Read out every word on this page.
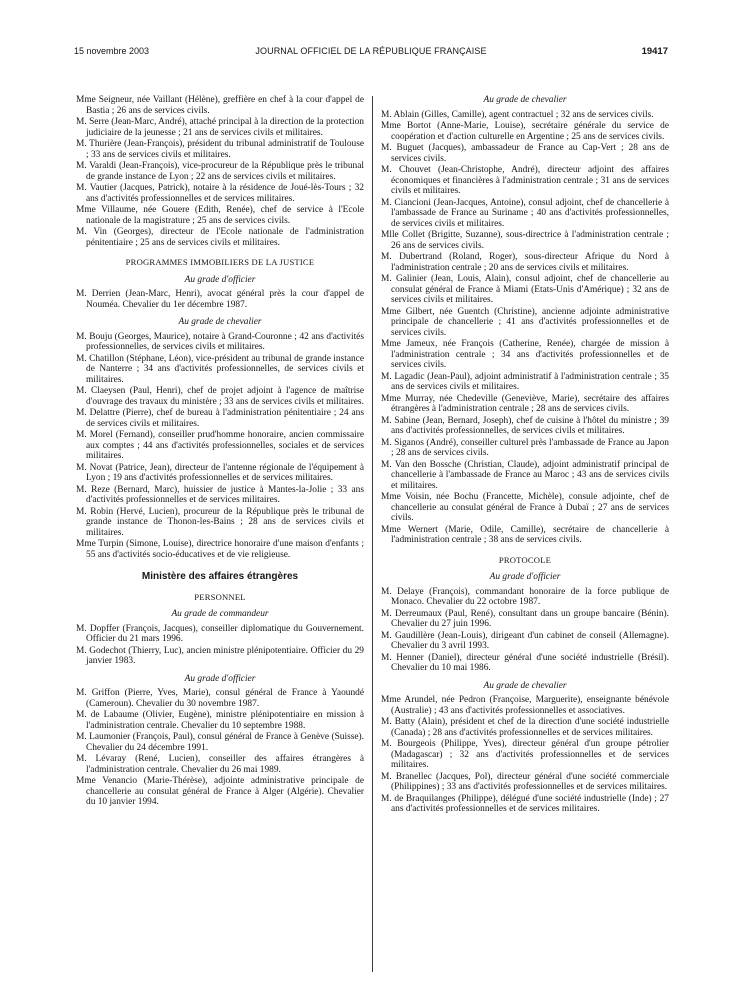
15 novembre 2003	JOURNAL OFFICIEL DE LA RÉPUBLIQUE FRANÇAISE	19417

Mme Seigneur, née Vaillant (Hélène), greffière en chef à la cour d'appel de Bastia ; 26 ans de services civils.

M. Serre (Jean-Marc, André), attaché principal à la direction de la protection judiciaire de la jeunesse ; 21 ans de services civils et militaires.

M. Thurière (Jean-François), président du tribunal administratif de Toulouse ; 33 ans de services civils et militaires.

M. Varaldi (Jean-François), vice-procureur de la République près le tribunal de grande instance de Lyon ; 22 ans de services civils et militaires.

M. Vautier (Jacques, Patrick), notaire à la résidence de Joué-lès-Tours ; 32 ans d'activités professionnelles et de services militaires.

Mme Villaume, née Gouere (Edith, Renée), chef de service à l'Ecole nationale de la magistrature ; 25 ans de services civils.

M. Vin (Georges), directeur de l'Ecole nationale de l'administration pénitentiaire ; 25 ans de services civils et militaires.

PROGRAMMES IMMOBILIERS DE LA JUSTICE

Au grade d'officier

M. Derrien (Jean-Marc, Henri), avocat général près la cour d'appel de Nouméa. Chevalier du 1er décembre 1987.

Au grade de chevalier

M. Bouju (Georges, Maurice), notaire à Grand-Couronne ; 42 ans d'activités professionnelles, de services civils et militaires.

M. Chatillon (Stéphane, Léon), vice-président au tribunal de grande instance de Nanterre ; 34 ans d'activités professionnelles, de services civils et militaires.

M. Claeysen (Paul, Henri), chef de projet adjoint à l'agence de maîtrise d'ouvrage des travaux du ministère ; 33 ans de services civils et militaires.

M. Delattre (Pierre), chef de bureau à l'administration pénitentiaire ; 24 ans de services civils et militaires.

M. Morel (Fernand), conseiller prud'homme honoraire, ancien commissaire aux comptes ; 44 ans d'activités professionnelles, sociales et de services militaires.

M. Novat (Patrice, Jean), directeur de l'antenne régionale de l'équipement à Lyon ; 19 ans d'activités professionnelles et de services militaires.

M. Reze (Bernard, Marc), huissier de justice à Mantes-la-Jolie ; 33 ans d'activités professionnelles et de services militaires.

M. Robin (Hervé, Lucien), procureur de la République près le tribunal de grande instance de Thonon-les-Bains ; 28 ans de services civils et militaires.

Mme Turpin (Simone, Louise), directrice honoraire d'une maison d'enfants ; 55 ans d'activités socio-éducatives et de vie religieuse.

Ministère des affaires étrangères

PERSONNEL

Au grade de commandeur

M. Dopffer (François, Jacques), conseiller diplomatique du Gouvernement. Officier du 21 mars 1996.

M. Godechot (Thierry, Luc), ancien ministre plénipotentiaire. Officier du 29 janvier 1983.

Au grade d'officier

M. Griffon (Pierre, Yves, Marie), consul général de France à Yaoundé (Cameroun). Chevalier du 30 novembre 1987.

M. de Labaume (Olivier, Eugène), ministre plénipotentiaire en mission à l'administration centrale. Chevalier du 10 septembre 1988.

M. Laumonier (François, Paul), consul général de France à Genève (Suisse). Chevalier du 24 décembre 1991.

M. Lévaray (René, Lucien), conseiller des affaires étrangères à l'administration centrale. Chevalier du 26 mai 1989.

Mme Venancio (Marie-Thérèse), adjointe administrative principale de chancellerie au consulat général de France à Alger (Algérie). Chevalier du 10 janvier 1994.

Au grade de chevalier

M. Ablain (Gilles, Camille), agent contractuel ; 32 ans de services civils.

Mme Bortot (Anne-Marie, Louise), secrétaire générale du service de coopération et d'action culturelle en Argentine ; 25 ans de services civils.

M. Buguet (Jacques), ambassadeur de France au Cap-Vert ; 28 ans de services civils.

M. Chouvet (Jean-Christophe, André), directeur adjoint des affaires économiques et financières à l'administration centrale ; 31 ans de services civils et militaires.

M. Ciancioni (Jean-Jacques, Antoine), consul adjoint, chef de chancellerie à l'ambassade de France au Suriname ; 40 ans d'activités professionnelles, de services civils et militaires.

Mlle Collet (Brigitte, Suzanne), sous-directrice à l'administration centrale ; 26 ans de services civils.

M. Dubertrand (Roland, Roger), sous-directeur Afrique du Nord à l'administration centrale ; 20 ans de services civils et militaires.

M. Galinier (Jean, Louis, Alain), consul adjoint, chef de chancellerie au consulat général de France à Miami (Etats-Unis d'Amérique) ; 32 ans de services civils et militaires.

Mme Gilbert, née Guentch (Christine), ancienne adjointe administrative principale de chancellerie ; 41 ans d'activités professionnelles et de services civils.

Mme Jameux, née François (Catherine, Renée), chargée de mission à l'administration centrale ; 34 ans d'activités professionnelles et de services civils.

M. Lagadic (Jean-Paul), adjoint administratif à l'administration centrale ; 35 ans de services civils et militaires.

Mme Murray, née Chedeville (Geneviève, Marie), secrétaire des affaires étrangères à l'administration centrale ; 28 ans de services civils.

M. Sabine (Jean, Bernard, Joseph), chef de cuisine à l'hôtel du ministre ; 39 ans d'activités professionnelles, de services civils et militaires.

M. Siganos (André), conseiller culturel près l'ambassade de France au Japon ; 28 ans de services civils.

M. Van den Bossche (Christian, Claude), adjoint administratif principal de chancellerie à l'ambassade de France au Maroc ; 43 ans de services civils et militaires.

Mme Voisin, née Bochu (Francette, Michèle), consule adjointe, chef de chancellerie au consulat général de France à Dubaï ; 27 ans de services civils.

Mme Wernert (Marie, Odile, Camille), secrétaire de chancellerie à l'administration centrale ; 38 ans de services civils.

PROTOCOLE

Au grade d'officier

M. Delaye (François), commandant honoraire de la force publique de Monaco. Chevalier du 22 octobre 1987.

M. Derreumaux (Paul, René), consultant dans un groupe bancaire (Bénin). Chevalier du 27 juin 1996.

M. Gaudillère (Jean-Louis), dirigeant d'un cabinet de conseil (Allemagne). Chevalier du 3 avril 1993.

M. Henner (Daniel), directeur général d'une société industrielle (Brésil). Chevalier du 10 mai 1986.

Au grade de chevalier

Mme Arundel, née Pedron (Françoise, Marguerite), enseignante bénévole (Australie) ; 43 ans d'activités professionnelles et associatives.

M. Batty (Alain), président et chef de la direction d'une société industrielle (Canada) ; 28 ans d'activités professionnelles et de services militaires.

M. Bourgeois (Philippe, Yves), directeur général d'un groupe pétrolier (Madagascar) ; 32 ans d'activités professionnelles et de services militaires.

M. Branellec (Jacques, Pol), directeur général d'une société commerciale (Philippines) ; 33 ans d'activités professionnelles et de services militaires.

M. de Braquilanges (Philippe), délégué d'une société industrielle (Inde) ; 27 ans d'activités professionnelles et de services militaires.
